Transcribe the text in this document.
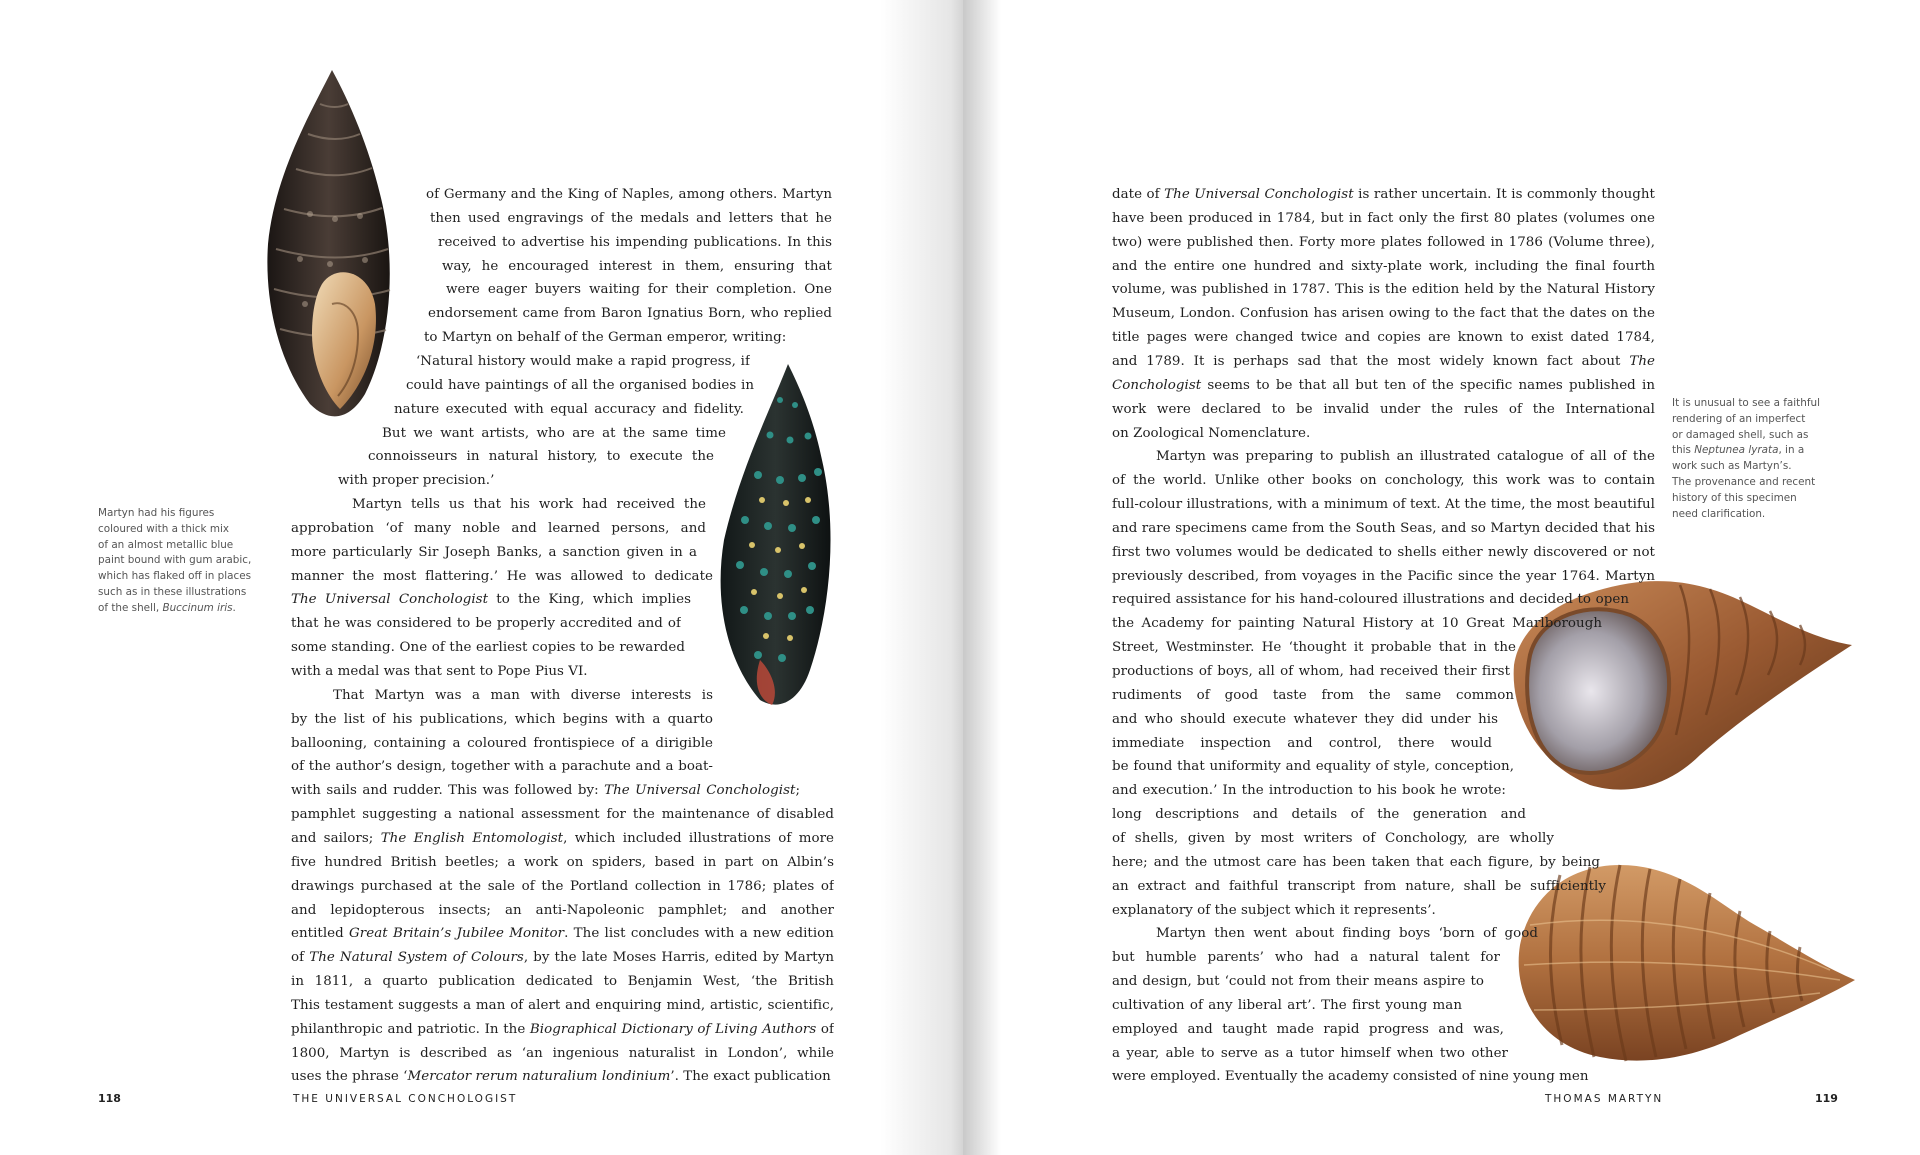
118	THE UNIVERSAL CONCHOLOGIST	THOMAS MARTYN	119
of Germany and the King of Naples, among others. Martyn
then used engravings of the medals and letters that he
received to advertise his impending publications. In this
way, he encouraged interest in them, ensuring that
were eager buyers waiting for their completion. One
endorsement came from Baron Ignatius Born, who replied
to Martyn on behalf of the German emperor, writing:
‘Natural history would make a rapid progress, if
could have paintings of all the organised bodies in
nature executed with equal accuracy and fidelity.
But we want artists, who are at the same time
connoisseurs in natural history, to execute the
with proper precision.’
Martyn tells us that his work had received the
approbation ‘of many noble and learned persons, and
more particularly Sir Joseph Banks, a sanction given in a
manner the most flattering.’ He was allowed to dedicate
The Universal Conchologist to the King, which implies
that he was considered to be properly accredited and of
some standing. One of the earliest copies to be rewarded
with a medal was that sent to Pope Pius VI.
That Martyn was a man with diverse interests is
by the list of his publications, which begins with a quarto
ballooning, containing a coloured frontispiece of a dirigible
of the author’s design, together with a parachute and a boat-
with sails and rudder. This was followed by: The Universal Conchologist;
pamphlet suggesting a national assessment for the maintenance of disabled
and sailors; The English Entomologist, which included illustrations of more
five hundred British beetles; a work on spiders, based in part on Albin’s
drawings purchased at the sale of the Portland collection in 1786; plates of
and lepidopterous insects; an anti-Napoleonic pamphlet; and another
entitled Great Britain’s Jubilee Monitor. The list concludes with a new edition
of The Natural System of Colours, by the late Moses Harris, edited by Martyn
in 1811, a quarto publication dedicated to Benjamin West, ‘the British
This testament suggests a man of alert and enquiring mind, artistic, scientific,
philanthropic and patriotic. In the Biographical Dictionary of Living Authors of
1800, Martyn is described as ‘an ingenious naturalist in London’, while
uses the phrase ‘Mercator rerum naturalium londinium’. The exact publication
date of The Universal Conchologist is rather uncertain. It is commonly thought
have been produced in 1784, but in fact only the first 80 plates (volumes one
two) were published then. Forty more plates followed in 1786 (Volume three),
and the entire one hundred and sixty-plate work, including the final fourth
volume, was published in 1787. This is the edition held by the Natural History
Museum, London. Confusion has arisen owing to the fact that the dates on the
title pages were changed twice and copies are known to exist dated 1784,
and 1789. It is perhaps sad that the most widely known fact about The
Conchologist seems to be that all but ten of the specific names published in
work were declared to be invalid under the rules of the International
on Zoological Nomenclature.
Martyn was preparing to publish an illustrated catalogue of all of the
of the world. Unlike other books on conchology, this work was to contain
full-colour illustrations, with a minimum of text. At the time, the most beautiful
and rare specimens came from the South Seas, and so Martyn decided that his
first two volumes would be dedicated to shells either newly discovered or not
previously described, from voyages in the Pacific since the year 1764. Martyn
required assistance for his hand-coloured illustrations and decided to open
the Academy for painting Natural History at 10 Great Marlborough
Street, Westminster. He ‘thought it probable that in the
productions of boys, all of whom, had received their first
rudiments of good taste from the same common
and who should execute whatever they did under his
immediate inspection and control, there would
be found that uniformity and equality of style, conception,
and execution.’ In the introduction to his book he wrote:
long descriptions and details of the generation and
of shells, given by most writers of Conchology, are wholly
here; and the utmost care has been taken that each figure, by being
an extract and faithful transcript from nature, shall be sufficiently
explanatory of the subject which it represents’.
Martyn then went about finding boys ‘born of good
but humble parents’ who had a natural talent for
and design, but ‘could not from their means aspire to
cultivation of any liberal art’. The first young man
employed and taught made rapid progress and was,
a year, able to serve as a tutor himself when two other
were employed. Eventually the academy consisted of nine young men
Martyn had his figures
coloured with a thick mix
of an almost metallic blue
paint bound with gum arabic,
which has flaked off in places
such as in these illustrations
of the shell, Buccinum iris.
It is unusual to see a faithful
rendering of an imperfect
or damaged shell, such as
this Neptunea lyrata, in a
work such as Martyn’s.
The provenance and recent
history of this specimen
need clarification.
